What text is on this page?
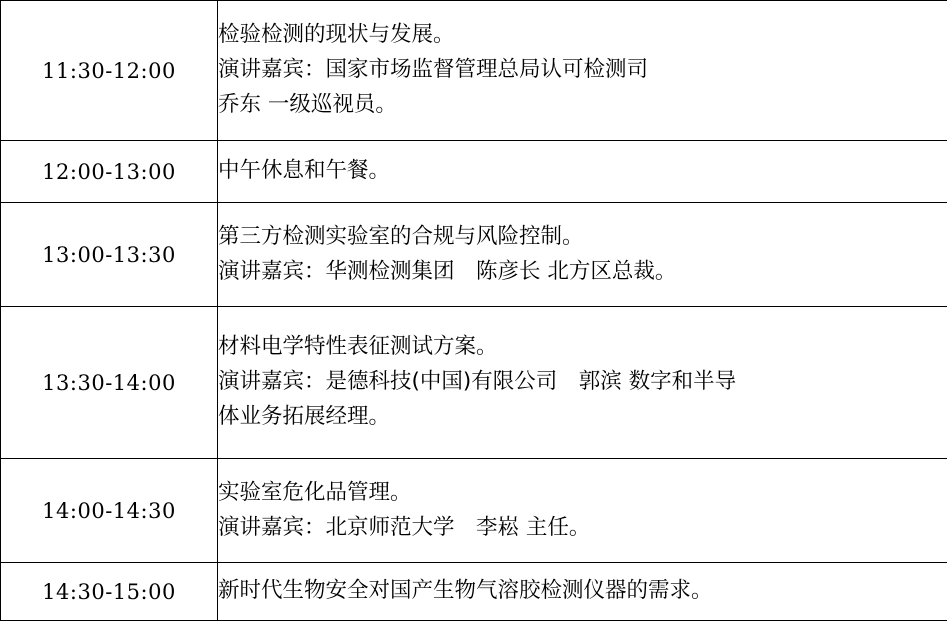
11:30-12:00	检验检测的现状与发展。
演讲嘉宾：国家市场监督管理总局认可检测司
乔东 一级巡视员。

12:00-13:00	中午休息和午餐。

13:00-13:30	第三方检测实验室的合规与风险控制。
演讲嘉宾：华测检测集团　陈彦长 北方区总裁。

13:30-14:00	材料电学特性表征测试方案。
演讲嘉宾：是德科技(中国)有限公司　郭滨 数字和半导
体业务拓展经理。

14:00-14:30	实验室危化品管理。
演讲嘉宾：北京师范大学　李崧 主任。

14:30-15:00	新时代生物安全对国产生物气溶胶检测仪器的需求。
